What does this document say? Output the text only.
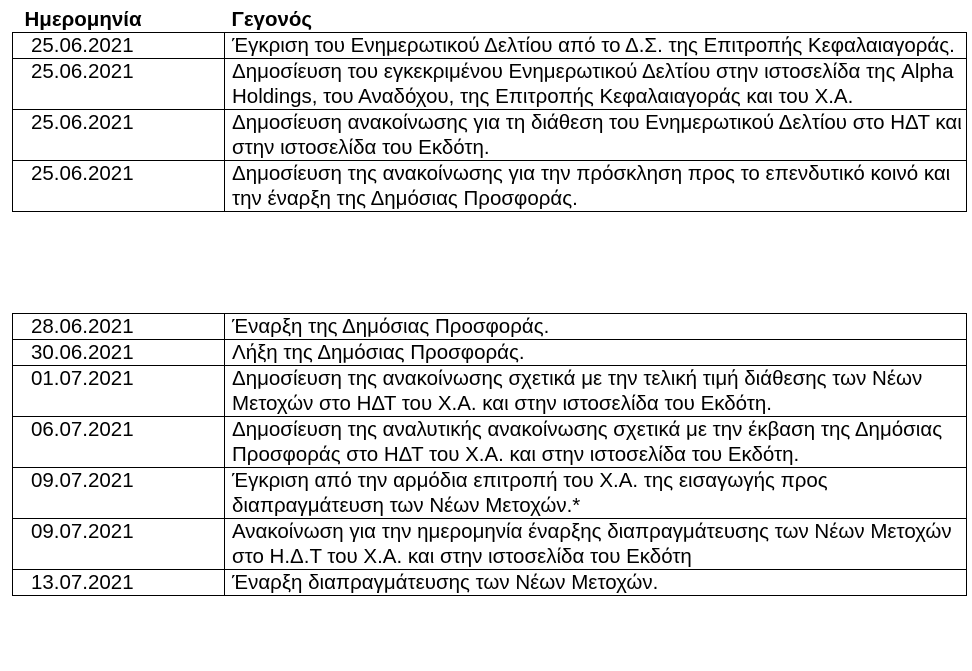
Ημερομηνία	Γεγονός
25.06.2021	Έγκριση του Ενημερωτικού Δελτίου από το Δ.Σ. της Επιτροπής Κεφαλαιαγοράς.
25.06.2021	Δημοσίευση του εγκεκριμένου Ενημερωτικού Δελτίου στην ιστοσελίδα της Alpha Holdings, του Αναδόχου, της Επιτροπής Κεφαλαιαγοράς και του Χ.Α.
25.06.2021	Δημοσίευση ανακοίνωσης για τη διάθεση του Ενημερωτικού Δελτίου στο ΗΔΤ και στην ιστοσελίδα του Εκδότη.
25.06.2021	Δημοσίευση της ανακοίνωσης για την πρόσκληση προς το επενδυτικό κοινό και την έναρξη της Δημόσιας Προσφοράς.
28.06.2021	Έναρξη της Δημόσιας Προσφοράς.
30.06.2021	Λήξη της Δημόσιας Προσφοράς.
01.07.2021	Δημοσίευση της ανακοίνωσης σχετικά με την τελική τιμή διάθεσης των Νέων Μετοχών στο ΗΔΤ του Χ.Α. και στην ιστοσελίδα του Εκδότη.
06.07.2021	Δημοσίευση της αναλυτικής ανακοίνωσης σχετικά με την έκβαση της Δημόσιας Προσφοράς στο ΗΔΤ του Χ.Α. και στην ιστοσελίδα του Εκδότη.
09.07.2021	Έγκριση από την αρμόδια επιτροπή του Χ.Α. της εισαγωγής προς διαπραγμάτευση των Νέων Μετοχών.*
09.07.2021	Ανακοίνωση για την ημερομηνία έναρξης διαπραγμάτευσης των Νέων Μετοχών στο Η.Δ.Τ του Χ.Α. και στην ιστοσελίδα του Εκδότη
13.07.2021	Έναρξη διαπραγμάτευσης των Νέων Μετοχών.
